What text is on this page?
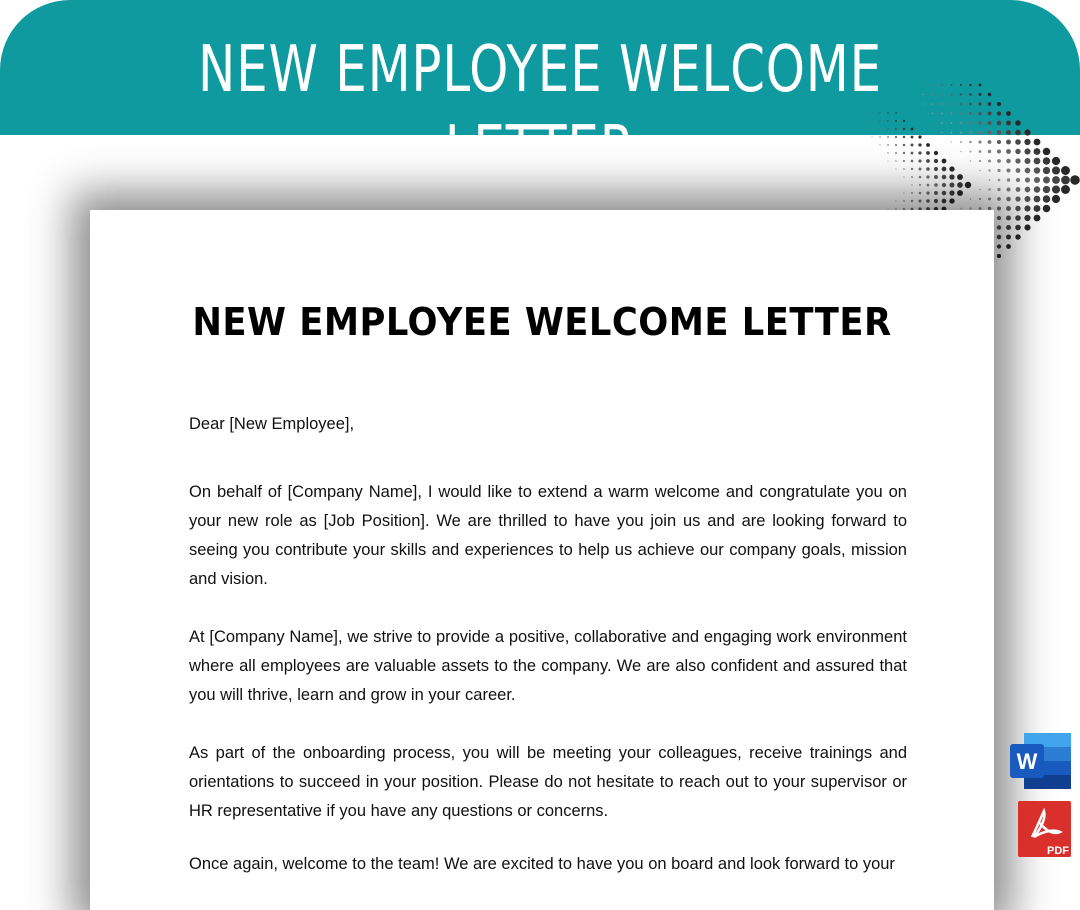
NEW EMPLOYEE WELCOME LETTER
NEW EMPLOYEE WELCOME LETTER
Dear [New Employee],

On behalf of [Company Name], I would like to extend a warm welcome and congratulate you on your new role as [Job Position]. We are thrilled to have you join us and are looking forward to seeing you contribute your skills and experiences to help us achieve our company goals, mission and vision.

At [Company Name], we strive to provide a positive, collaborative and engaging work environment where all employees are valuable assets to the company. We are also confident and assured that you will thrive, learn and grow in your career.

As part of the onboarding process, you will be meeting your colleagues, receive trainings and orientations to succeed in your position. Please do not hesitate to reach out to your supervisor or HR representative if you have any questions or concerns.

Once again, welcome to the team! We are excited to have you on board and look forward to your

W
PDF
